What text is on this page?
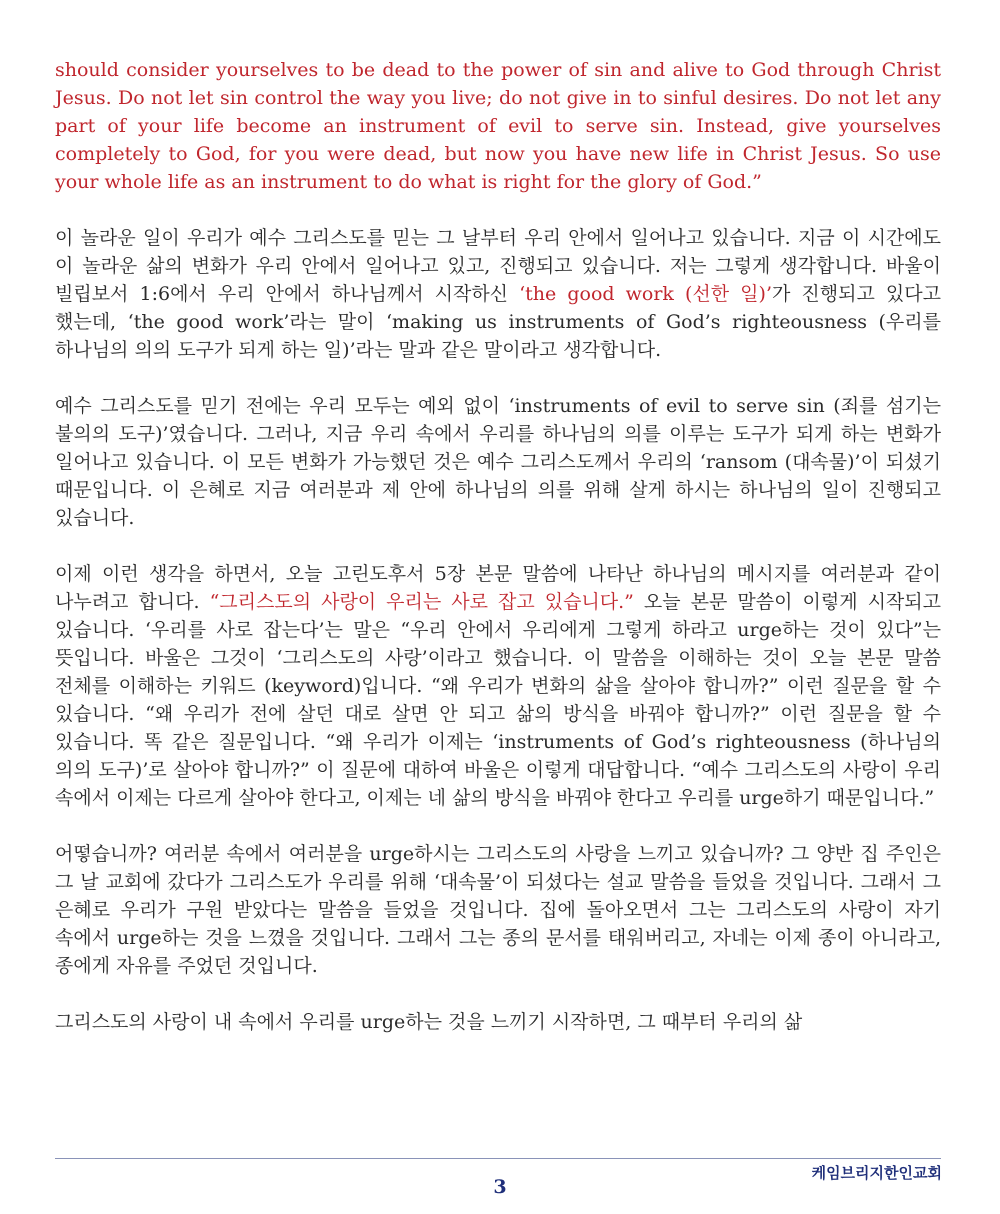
should consider yourselves to be dead to the power of sin and alive to God through Christ Jesus. Do not let sin control the way you live; do not give in to sinful desires. Do not let any part of your life become an instrument of evil to serve sin. Instead, give yourselves completely to God, for you were dead, but now you have new life in Christ Jesus. So use your whole life as an instrument to do what is right for the glory of God.”

이 놀라운 일이 우리가 예수 그리스도를 믿는 그 날부터 우리 안에서 일어나고 있습니다. 지금 이 시간에도 이 놀라운 삶의 변화가 우리 안에서 일어나고 있고, 진행되고 있습니다. 저는 그렇게 생각합니다. 바울이 빌립보서 1:6에서 우리 안에서 하나님께서 시작하신 ‘the good work (선한 일)’가 진행되고 있다고 했는데, ‘the good work’라는 말이 ‘making us instruments of God’s righteousness (우리를 하나님의 의의 도구가 되게 하는 일)’라는 말과 같은 말이라고 생각합니다.

예수 그리스도를 믿기 전에는 우리 모두는 예외 없이 ‘instruments of evil to serve sin (죄를 섬기는 불의의 도구)’였습니다. 그러나, 지금 우리 속에서 우리를 하나님의 의를 이루는 도구가 되게 하는 변화가 일어나고 있습니다. 이 모든 변화가 가능했던 것은 예수 그리스도께서 우리의 ‘ransom (대속물)’이 되셨기 때문입니다. 이 은혜로 지금 여러분과 제 안에 하나님의 의를 위해 살게 하시는 하나님의 일이 진행되고 있습니다.

이제 이런 생각을 하면서, 오늘 고린도후서 5장 본문 말씀에 나타난 하나님의 메시지를 여러분과 같이 나누려고 합니다. “그리스도의 사랑이 우리는 사로 잡고 있습니다.” 오늘 본문 말씀이 이렇게 시작되고 있습니다. ‘우리를 사로 잡는다’는 말은 “우리 안에서 우리에게 그렇게 하라고 urge하는 것이 있다”는 뜻입니다. 바울은 그것이 ‘그리스도의 사랑’이라고 했습니다. 이 말씀을 이해하는 것이 오늘 본문 말씀 전체를 이해하는 키워드 (keyword)입니다. “왜 우리가 변화의 삶을 살아야 합니까?” 이런 질문을 할 수 있습니다. “왜 우리가 전에 살던 대로 살면 안 되고 삶의 방식을 바꿔야 합니까?” 이런 질문을 할 수 있습니다. 똑 같은 질문입니다. “왜 우리가 이제는 ‘instruments of God’s righteousness (하나님의 의의 도구)’로 살아야 합니까?” 이 질문에 대하여 바울은 이렇게 대답합니다. “예수 그리스도의 사랑이 우리 속에서 이제는 다르게 살아야 한다고, 이제는 네 삶의 방식을 바꿔야 한다고 우리를 urge하기 때문입니다.”

어떻습니까? 여러분 속에서 여러분을 urge하시는 그리스도의 사랑을 느끼고 있습니까? 그 양반 집 주인은 그 날 교회에 갔다가 그리스도가 우리를 위해 ‘대속물’이 되셨다는 설교 말씀을 들었을 것입니다. 그래서 그 은혜로 우리가 구원 받았다는 말씀을 들었을 것입니다. 집에 돌아오면서 그는 그리스도의 사랑이 자기 속에서 urge하는 것을 느꼈을 것입니다. 그래서 그는 종의 문서를 태워버리고, 자네는 이제 종이 아니라고, 종에게 자유를 주었던 것입니다.

그리스도의 사랑이 내 속에서 우리를 urge하는 것을 느끼기 시작하면, 그 때부터 우리의 삶

케임브리지한인교회
3
